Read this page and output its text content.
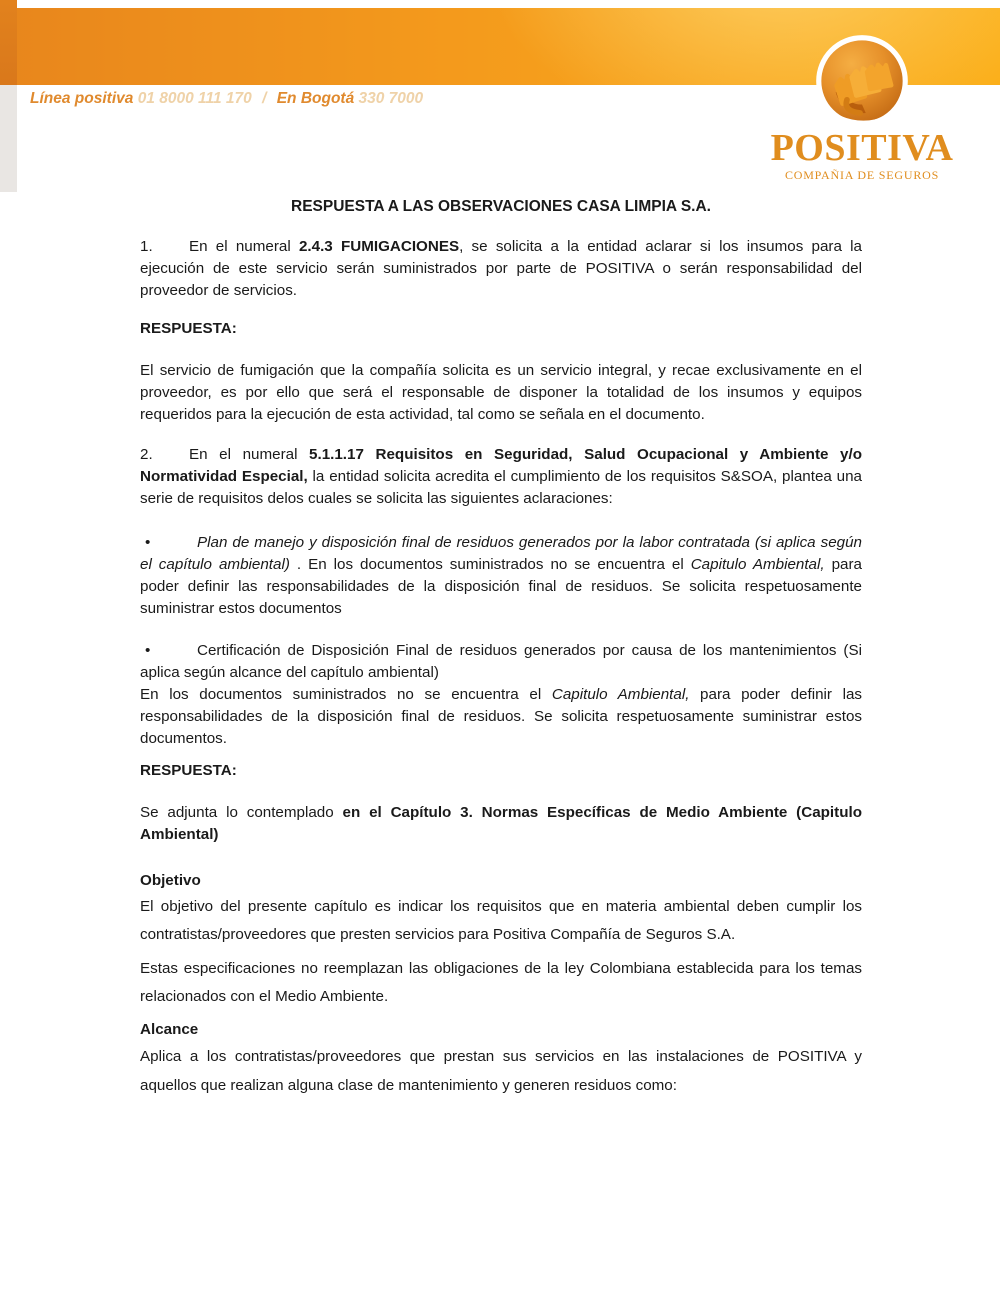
Línea positiva 01 8000 111 170 / En Bogotá 330 7000
POSITIVA
COMPAÑIA DE SEGUROS
RESPUESTA A LAS OBSERVACIONES CASA LIMPIA S.A.

1. En el numeral 2.4.3 FUMIGACIONES, se solicita a la entidad aclarar si los insumos para la ejecución de este servicio serán suministrados por parte de POSITIVA o serán responsabilidad del proveedor de servicios.

RESPUESTA:

El servicio de fumigación que la compañía solicita es un servicio integral, y recae exclusivamente en el proveedor, es por ello que será el responsable de disponer la totalidad de los insumos y equipos requeridos para la ejecución de esta actividad, tal como se señala en el documento.

2. En el numeral 5.1.1.17 Requisitos en Seguridad, Salud Ocupacional y Ambiente y/o Normatividad Especial, la entidad solicita acredita el cumplimiento de los requisitos S&SOA, plantea una serie de requisitos delos cuales se solicita las siguientes aclaraciones:

•	Plan de manejo y disposición final de residuos generados por la labor contratada (si aplica según el capítulo ambiental) . En los documentos suministrados no se encuentra el Capitulo Ambiental, para poder definir las responsabilidades de la disposición final de residuos. Se solicita respetuosamente suministrar estos documentos

•	Certificación de Disposición Final de residuos generados por causa de los mantenimientos (Si aplica según alcance del capítulo ambiental)

En los documentos suministrados no se encuentra el Capitulo Ambiental, para poder definir las responsabilidades de la disposición final de residuos. Se solicita respetuosamente suministrar estos documentos.

RESPUESTA:

Se adjunta lo contemplado en el Capítulo 3. Normas Específicas de Medio Ambiente (Capitulo Ambiental)

Objetivo

El objetivo del presente capítulo es indicar los requisitos que en materia ambiental deben cumplir los contratistas/proveedores que presten servicios para Positiva Compañía de Seguros S.A.

Estas especificaciones no reemplazan las obligaciones de la ley Colombiana establecida para los temas relacionados con el Medio Ambiente.

Alcance

Aplica a los contratistas/proveedores que prestan sus servicios en las instalaciones de POSITIVA y aquellos que realizan alguna clase de mantenimiento y generen residuos como:
